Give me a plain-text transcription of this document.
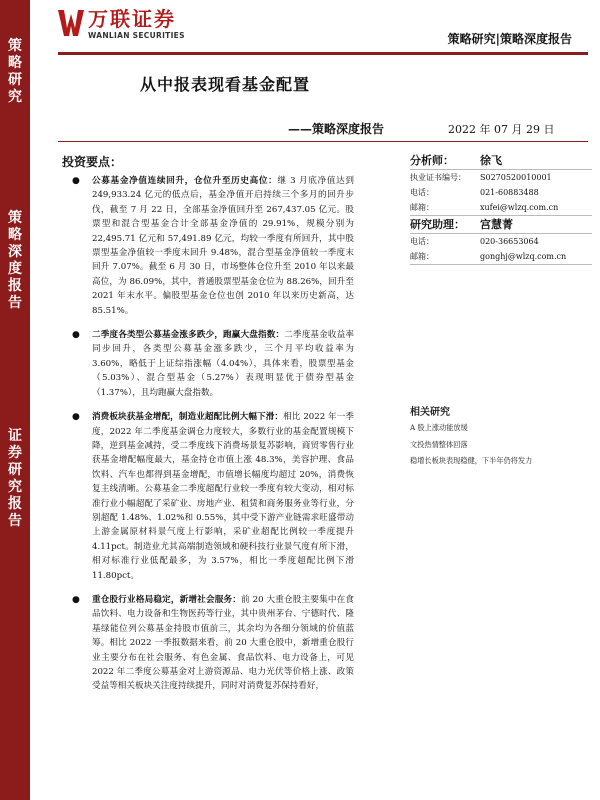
策略研究
策略深度报告
证券研究报告
万联证券
WANLIAN SECURITIES	策略研究|策略深度报告
从中报表现看基金配置
——策略深度报告	2022 年 07 月 29 日
投资要点：
● 公募基金净值连续回升，仓位升至历史高位：继 3 月底净值达到 249,933.24 亿元的低点后，基金净值开启持续三个多月的回升步伐，截至 7 月 22 日，全部基金净值回升至 267,437.05 亿元。股票型和混合型基金合计全部基金净值的 29.91%，规模分别为 22,495.71 亿元和 57,491.89 亿元，均较一季度有所回升，其中股票型基金净值较一季度末回升 9.48%，混合型基金净值较一季度末回升 7.07%。截至 6 月 30 日，市场整体仓位升至 2010 年以来最高位，为 86.09%，其中，普通股票型基金仓位为 88.26%，回升至 2021 年末水平。偏股型基金仓位也创 2010 年以来历史新高，达 85.51%。
● 二季度各类型公募基金涨多跌少，跑赢大盘指数：二季度基金收益率同步回升，各类型公募基金涨多跌少，三个月平均收益率为 3.60%，略低于上证综指涨幅（4.04%），具体来看，股票型基金（5.03%）、混合型基金（5.27%）表现明显优于债券型基金（1.37%），且均跑赢大盘指数。
● 消费板块获基金增配，制造业超配比例大幅下滑：相比 2022 年一季度，2022 年二季度基金调仓力度较大，多数行业的基金配置规模下降，逆到基金减持，受二季度线下消费场景复苏影响，商贸零售行业获基金增配幅度最大，基金持仓市值上涨 48.3%，美容护理、食品饮料、汽车也都得到基金增配，市值增长幅度均超过 20%，消费恢复主线清晰。公募基金二季度超配行业较一季度有较大变动，相对标准行业小幅超配了采矿业、房地产业、租赁和商务服务业等行业，分别超配 1.48%、1.02%和 0.55%，其中受下游产业链需求旺盛带动上游金属原材料景气度上行影响，采矿业超配比例较一季度提升 4.11pct。制造业尤其高端制造领域和硬科技行业景气度有所下滑，相对标准行业低配最多，为 3.57%，相比一季度超配比例下滑 11.80pct。
● 重仓股行业格局稳定，新增社会服务：前 20 大重仓股主要集中在食品饮料、电力设备和生物医药等行业，其中贵州茅台、宁德时代、隆基绿能位列公募基金持股市值前三，其余均为各细分领域的价值蓝筹。相比 2022 一季报数据来看，前 20 大重仓股中，新增重仓股行业主要分布在社会服务、有色金属、食品饮料、电力设备上，可见 2022 年二季度公募基金对上游资源品、电力光伏等价格上涨、政策受益等相关板块关注度持续提升，同时对消费复苏保持看好，
分析师： 徐飞
执业证书编号： S0270520010001
电话：	021-60883488
邮箱：	xufei@wlzq.com.cn
研究助理： 宫慧菁
电话：	020-36653064
邮箱：	gonghj@wlzq.com.cn
相关研究
A 股上涨动能放缓
文投热情整体回落
稳增长板块表现稳健，下半年仍将发力
